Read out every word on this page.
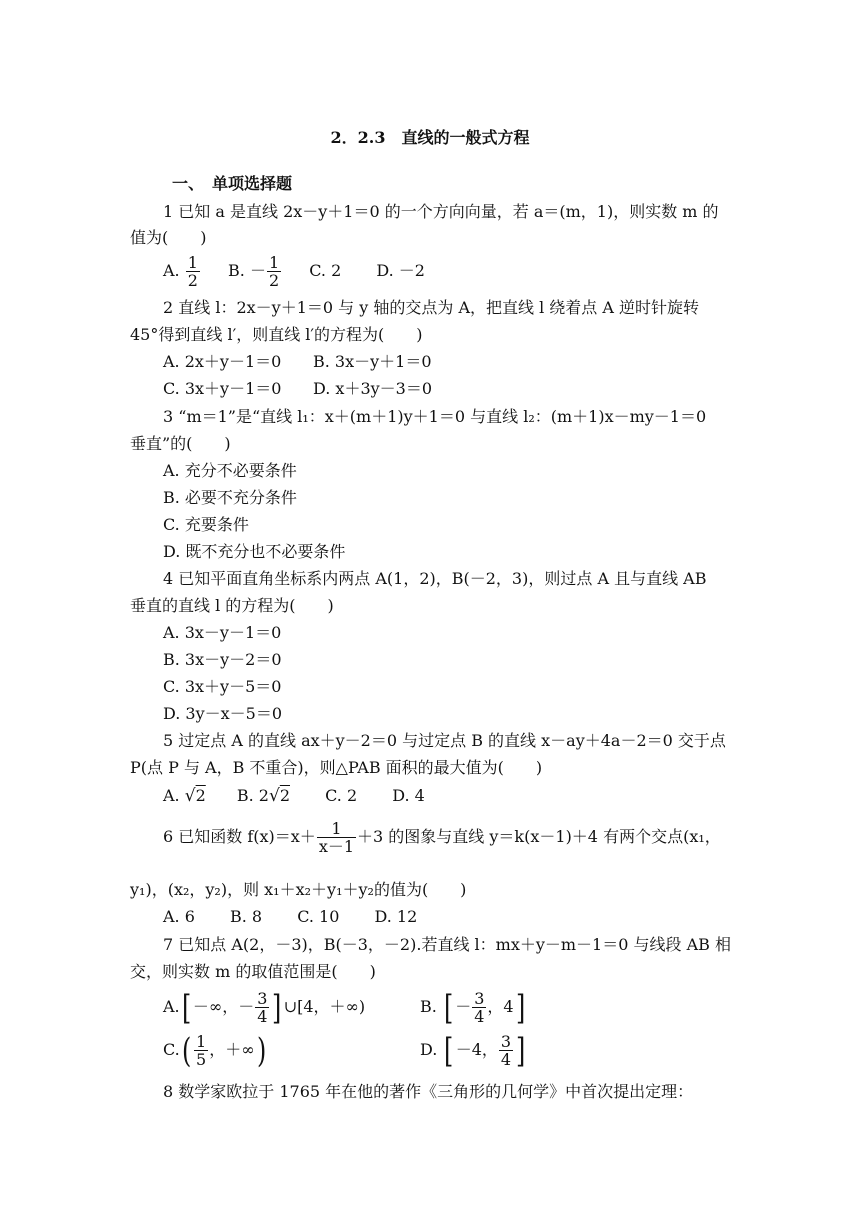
2．2.3　直线的一般式方程
一、　单项选择题
1 已知 a 是直线 2x－y＋1＝0 的一个方向向量，若 a＝(m，1)，则实数 m 的
值为(　　)
A. $\frac{1}{2} B$. － $\frac{1}{2} C$. 2 D. －2
2 直线 l：2x－y＋1＝0 与 y 轴的交点为 A，把直线 l 绕着点 A 逆时针旋转
45°得到直线 l′，则直线 l′的方程为(　　)
A. 2x＋y－1＝0 B. 3x－y＋1＝0
C. 3x＋y－1＝0 D. x＋3y－3＝0
3 “m＝1”是“直线 l₁：x＋(m＋1)y＋1＝0 与直线 l₂：(m＋1)x－my－1＝0
垂直”的(　　)
A. 充分不必要条件
B. 必要不充分条件
C. 充要条件
D. 既不充分也不必要条件
4 已知平面直角坐标系内两点 A(1，2)，B(－2，3)，则过点 A 且与直线 AB
垂直的直线 l 的方程为(　　)
A. 3x－y－1＝0
B. 3x－y－2＝0
C. 3x＋y－5＝0
D. 3y－x－5＝0
5 过定点 A 的直线 ax＋y－2＝0 与过定点 B 的直线 x－ay＋4a－2＝0 交于点
P(点 P 与 A，B 不重合)，则△PAB 面积的最大值为(　　)
A. √2 B. 2√2 C. 2 D. 4
6 已知函数 $f(x)=x+ \frac{1}{x-1} +3$ 的图象与直线 y＝k(x－1)＋4 有两个交点(x₁，
y₁)，(x₂，y₂)，则 x₁＋x₂＋y₁＋y₂的值为(　　)
A. 6 B. 8 C. 10 D. 12
7 已知点 A(2，－3)，B(－3，－2).若直线 l：mx＋y－m－1＝0 与线段 AB 相
交，则实数 m 的取值范围是(　　)
A.[ －∞，－ $\frac{3}{4}$ ] ∪[4，＋∞)	B. [ － $\frac{3}{4}$ ，4]
$C.( \frac{1}{5}$ ，＋∞)	D. [ －4， $\frac{3}{4}$ ]
8 数学家欧拉于 1765 年在他的著作《三角形的几何学》中首次提出定理：
